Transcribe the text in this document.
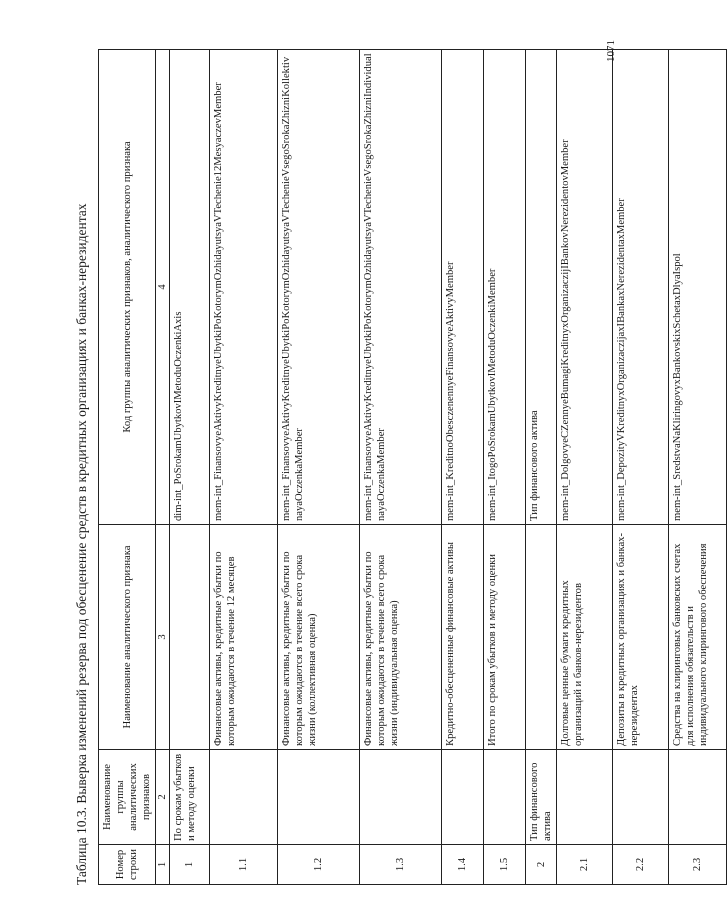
Таблица 10.3. Выверка изменений резерва под обесценение средств в кредитных организациях и банках-нерезидентах	Номер строки	Наименование группы аналитических признаков	Наименование аналитического признака	Код группы аналитических признаков, аналитического признака
1	2	3	4
1	По срокам убытков и методу оценки		dim-int_PoSrokamUbytkovIMetoduOczenkiAxis
1.1		Финансовые активы, кредитные убытки по которым ожидаются в течение 12 месяцев	mem-int_FinansovyeAktivyKreditnyeUbytkiPoKotorymOzhidayutsyaVTechenie12MesyaczevMember
1.2		Финансовые активы, кредитные убытки по которым ожидаются в течение всего срока жизни (коллективная оценка)	mem-int_FinansovyeAktivyKreditnyeUbytkiPoKotorymOzhidayutsyaVTechenieVsegoSrokaZhizniKollektivnayaOczenkaMember
1.3		Финансовые активы, кредитные убытки по которым ожидаются в течение всего срока жизни (индивидуальная оценка)	mem-int_FinansovyeAktivyKreditnyeUbytkiPoKotorymOzhidayutsyaVTechenieVsegoSrokaZhizniIndividualnayaOczenkaMember
1.4		Кредитно-обесцененные финансовые активы	mem-int_KreditnoObesczenennyeFinansovyeAktivyMember
1.5		Итого по срокам убытков и методу оценки	mem-int_ItogoPoSrokamUbytkovIMetoduOczenkiMember
2	Тип финансового актива		Тип финансового актива
2.1		Долговые ценные бумаги кредитных организаций и банков-нерезидентов	mem-int_DolgovyeCZennyeBumagiKreditnyxOrganizaczijIBankovNerezidentovMember
2.2		Депозиты в кредитных организациях и банках-нерезидентах	mem-int_DepozityVKreditnyxOrganizaczijaxIBankaxNerezidentaxMember
2.3		Средства на клиринговых банковских счетах для исполнения обязательств и индивидуального клирингового обеспечения	mem-int_SredstvaNaKliringovyxBankovskixSchetaxDlyaIspol
1071
